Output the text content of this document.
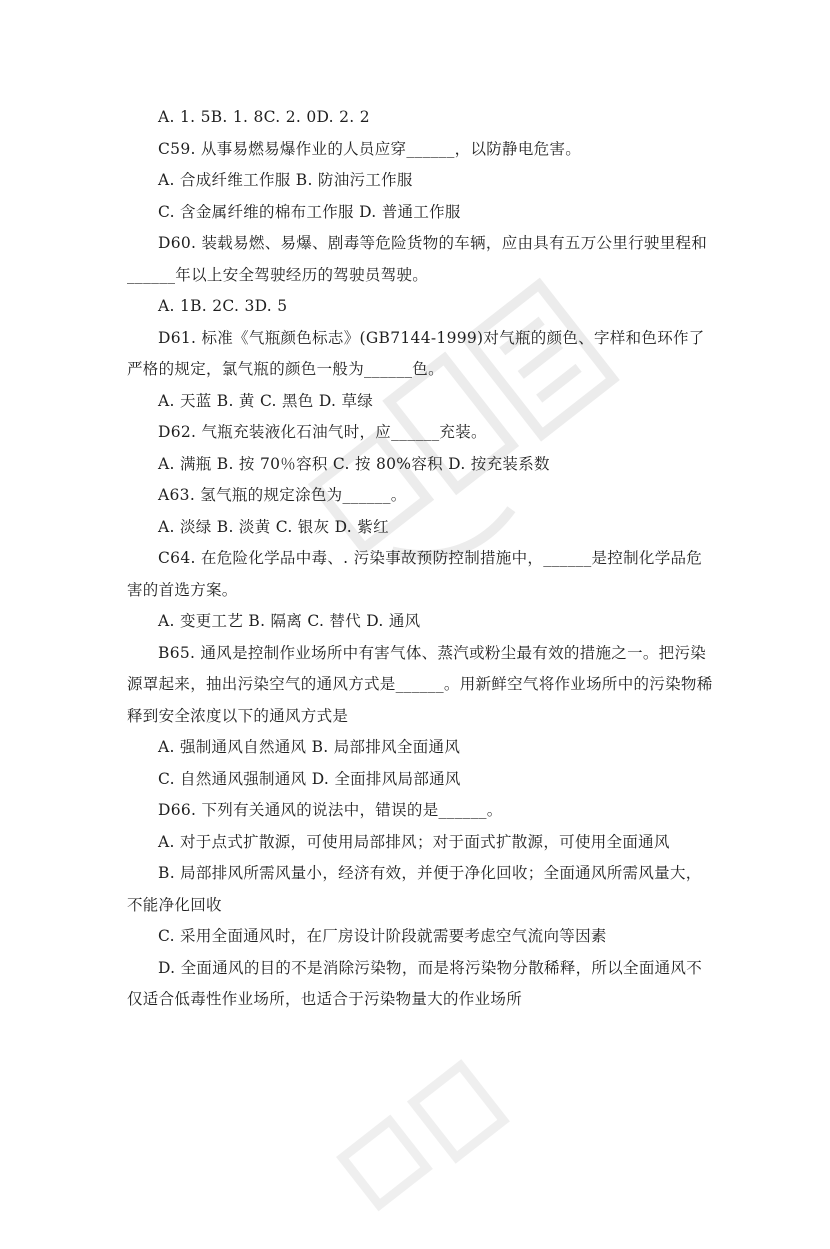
A. 1. 5B. 1. 8C. 2. 0D. 2. 2
C59. 从事易燃易爆作业的人员应穿______，以防静电危害。
A. 合成纤维工作服 B. 防油污工作服
C. 含金属纤维的棉布工作服 D. 普通工作服
D60. 装载易燃、易爆、剧毒等危险货物的车辆，应由具有五万公里行驶里程和______年以上安全驾驶经历的驾驶员驾驶。
A. 1B. 2C. 3D. 5
D61. 标准《气瓶颜色标志》(GB7144-1999)对气瓶的颜色、字样和色环作了严格的规定，氯气瓶的颜色一般为______色。
A. 天蓝 B. 黄 C. 黑色 D. 草绿
D62. 气瓶充装液化石油气时，应______充装。
A. 满瓶 B. 按 70％容积 C. 按 80%容积 D. 按充装系数
A63. 氢气瓶的规定涂色为______。
A. 淡绿 B. 淡黄 C. 银灰 D. 紫红
C64. 在危险化学品中毒、. 污染事故预防控制措施中，______是控制化学品危害的首选方案。
A. 变更工艺 B. 隔离 C. 替代 D. 通风
B65. 通风是控制作业场所中有害气体、蒸汽或粉尘最有效的措施之一。把污染源罩起来，抽出污染空气的通风方式是______。用新鲜空气将作业场所中的污染物稀释到安全浓度以下的通风方式是
A. 强制通风自然通风 B. 局部排风全面通风
C. 自然通风强制通风 D. 全面排风局部通风
D66. 下列有关通风的说法中，错误的是______。
A. 对于点式扩散源，可使用局部排风；对于面式扩散源，可使用全面通风
B. 局部排风所需风量小，经济有效，并便于净化回收；全面通风所需风量大，不能净化回收
C. 采用全面通风时，在厂房设计阶段就需要考虑空气流向等因素
D. 全面通风的目的不是消除污染物，而是将污染物分散稀释，所以全面通风不仅适合低毒性作业场所，也适合于污染物量大的作业场所
